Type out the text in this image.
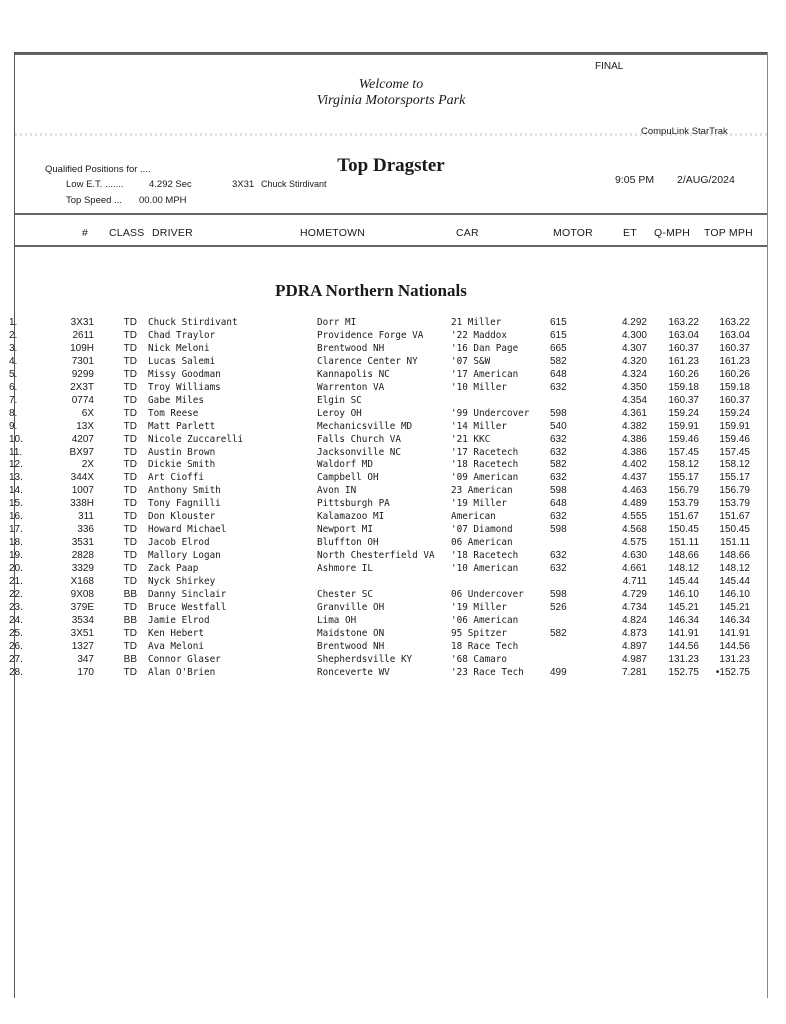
FINAL
Welcome to
Virginia Motorsports Park
CompuLink StarTrak
Top Dragster
Qualified Positions for ....
Low E.T. .......	4.292 Sec	3X31 Chuck Stirdivant
Top Speed ... 00.00 MPH
9:05 PM 2/AUG/2024
# CLASS DRIVER	HOMETOWN	CAR	MOTOR	ET Q-MPH TOP MPH
PDRA Northern Nationals
1.	3X31	TD Chuck Stirdivant	Dorr MI	21 Miller	615	4.292	163.22	163.22
2.	2611	TD Chad Traylor	Providence Forge VA	'22 Maddox	615	4.300	163.04	163.04
3.	109H	TD Nick Meloni	Brentwood NH	'16 Dan Page	665	4.307	160.37	160.37
4.	7301	TD Lucas Salemi	Clarence Center NY	'07 S&W	582	4.320	161.23	161.23
5.	9299	TD Missy Goodman	Kannapolis NC	'17 American	648	4.324	160.26	160.26
6.	2X3T	TD Troy Williams	Warrenton VA	'10 Miller	632	4.350	159.18	159.18
7.	0774	TD Gabe Miles	Elgin SC	4.354	160.37	160.37
8.	6X	TD Tom Reese	Leroy OH	'99 Undercover	598	4.361	159.24	159.24
9.	13X	TD Matt Parlett	Mechanicsville MD	'14 Miller	540	4.382	159.91	159.91
10.	4207	TD Nicole Zuccarelli	Falls Church VA	'21 KKC	632	4.386	159.46	159.46
11.	BX97	TD Austin Brown	Jacksonville NC	'17 Racetech	632	4.386	157.45	157.45
12.	2X	TD Dickie Smith	Waldorf MD	'18 Racetech	582	4.402	158.12	158.12
13.	344X	TD Art Cioffi	Campbell OH	'09 American	632	4.437	155.17	155.17
14.	1007	TD Anthony Smith	Avon IN	23 American	598	4.463	156.79	156.79
15.	338H	TD Tony Fagnilli	Pittsburgh PA	'19 Miller	648	4.489	153.79	153.79
16.	311	TD Don Klouster	Kalamazoo MI	American	632	4.555	151.67	151.67
17.	336	TD Howard Michael	Newport MI	'07 Diamond	598	4.568	150.45	150.45
18.	3531	TD Jacob Elrod	Bluffton OH	06 American	4.575	151.11	151.11
19.	2828	TD Mallory Logan	North Chesterfield VA	'18 Racetech	632	4.630	148.66	148.66
20.	3329	TD Zack Paap	Ashmore IL	'10 American	632	4.661	148.12	148.12
21.	X168	TD Nyck Shirkey	4.711	145.44	145.44
22.	9X08	BB Danny Sinclair	Chester SC	06 Undercover	598	4.729	146.10	146.10
23.	379E	TD Bruce Westfall	Granville OH	'19 Miller	526	4.734	145.21	145.21
24.	3534	BB Jamie Elrod	Lima OH	'06 American	4.824	146.34	146.34
25.	3X51	TD Ken Hebert	Maidstone ON	95 Spitzer	582	4.873	141.91	141.91
26.	1327	TD Ava Meloni	Brentwood NH	18 Race Tech	4.897	144.56	144.56
27.	347	BB Connor Glaser	Shepherdsville KY	'68 Camaro	4.987	131.23	131.23
28.	170	TD Alan O'Brien	Ronceverte WV	'23 Race Tech	499	7.281	152.75	•152.75
